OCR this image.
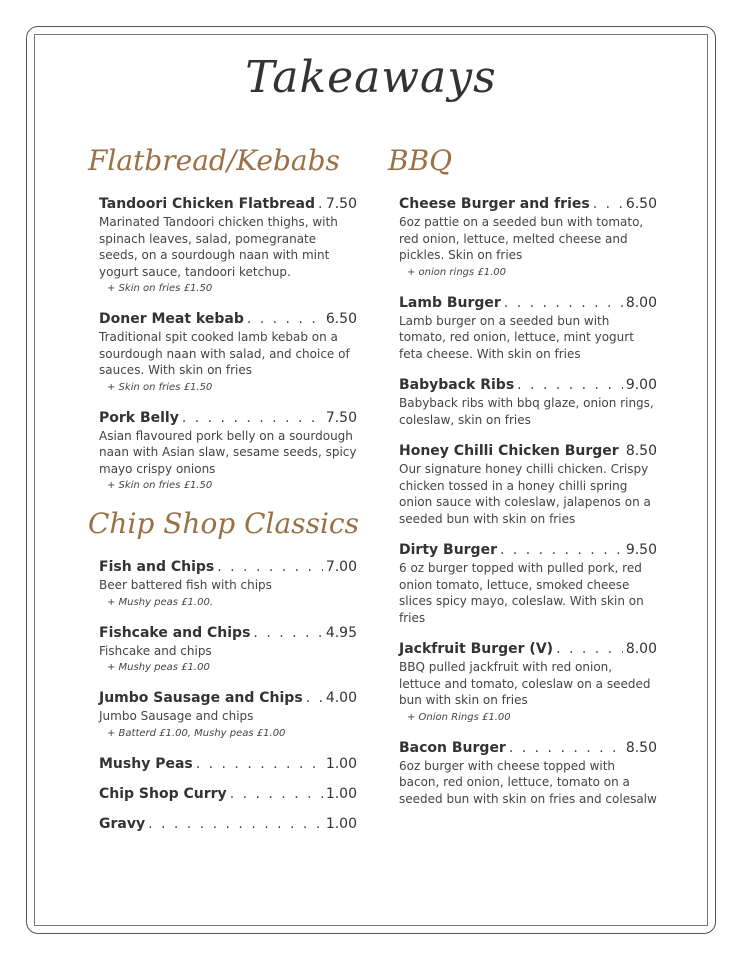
Takeaways
Flatbread/Kebabs
Tandoori Chicken Flatbread . . . 7.50
Marinated Tandoori chicken thighs, with spinach leaves, salad, pomegranate seeds, on a sourdough naan with mint yogurt sauce, tandoori ketchup.
+ Skin on fries £1.50
Doner Meat kebab . . .	6.50
Traditional spit cooked lamb kebab on a sourdough naan with salad, and choice of sauces. With skin on fries
+ Skin on fries £1.50
Pork Belly . . .	7.50
Asian flavoured pork belly on a sourdough naan with Asian slaw, sesame seeds, spicy mayo crispy onions
+ Skin on fries £1.50
Chip Shop Classics
Fish and Chips . . .	7.00
Beer battered fish with chips
+ Mushy peas £1.00.
Fishcake and Chips . . .	4.95
Fishcake and chips
+ Mushy peas £1.00
Jumbo Sausage and Chips . . . 4.00
Jumbo Sausage and chips
+ Batterd £1.00, Mushy peas £1.00
Mushy Peas . . .	1.00
Chip Shop Curry . . .	1.00
Gravy . . .	1.00
BBQ
Cheese Burger and fries . . .	6.50
6oz pattie on a seeded bun with tomato, red onion, lettuce, melted cheese and pickles. Skin on fries
+ onion rings £1.00
Lamb Burger . . .	8.00
Lamb burger on a seeded bun with tomato, red onion, lettuce, mint yogurt feta cheese. With skin on fries
Babyback Ribs . . .	9.00
Babyback ribs with bbq glaze, onion rings, coleslaw, skin on fries
Honey Chilli Chicken Burger . . . 8.50
Our signature honey chilli chicken. Crispy chicken tossed in a honey chilli spring onion sauce with coleslaw, jalapenos on a seeded bun with skin on fries
Dirty Burger . . .	9.50
6 oz burger topped with pulled pork, red onion tomato, lettuce, smoked cheese slices spicy mayo, coleslaw. With skin on fries
Jackfruit Burger (V) . . .	8.00
BBQ pulled jackfruit with red onion, lettuce and tomato, coleslaw on a seeded bun with skin on fries
+ Onion Rings £1.00
Bacon Burger . . .	8.50
6oz burger with cheese topped with bacon, red onion, lettuce, tomato on a seeded bun with skin on fries and colesalw
